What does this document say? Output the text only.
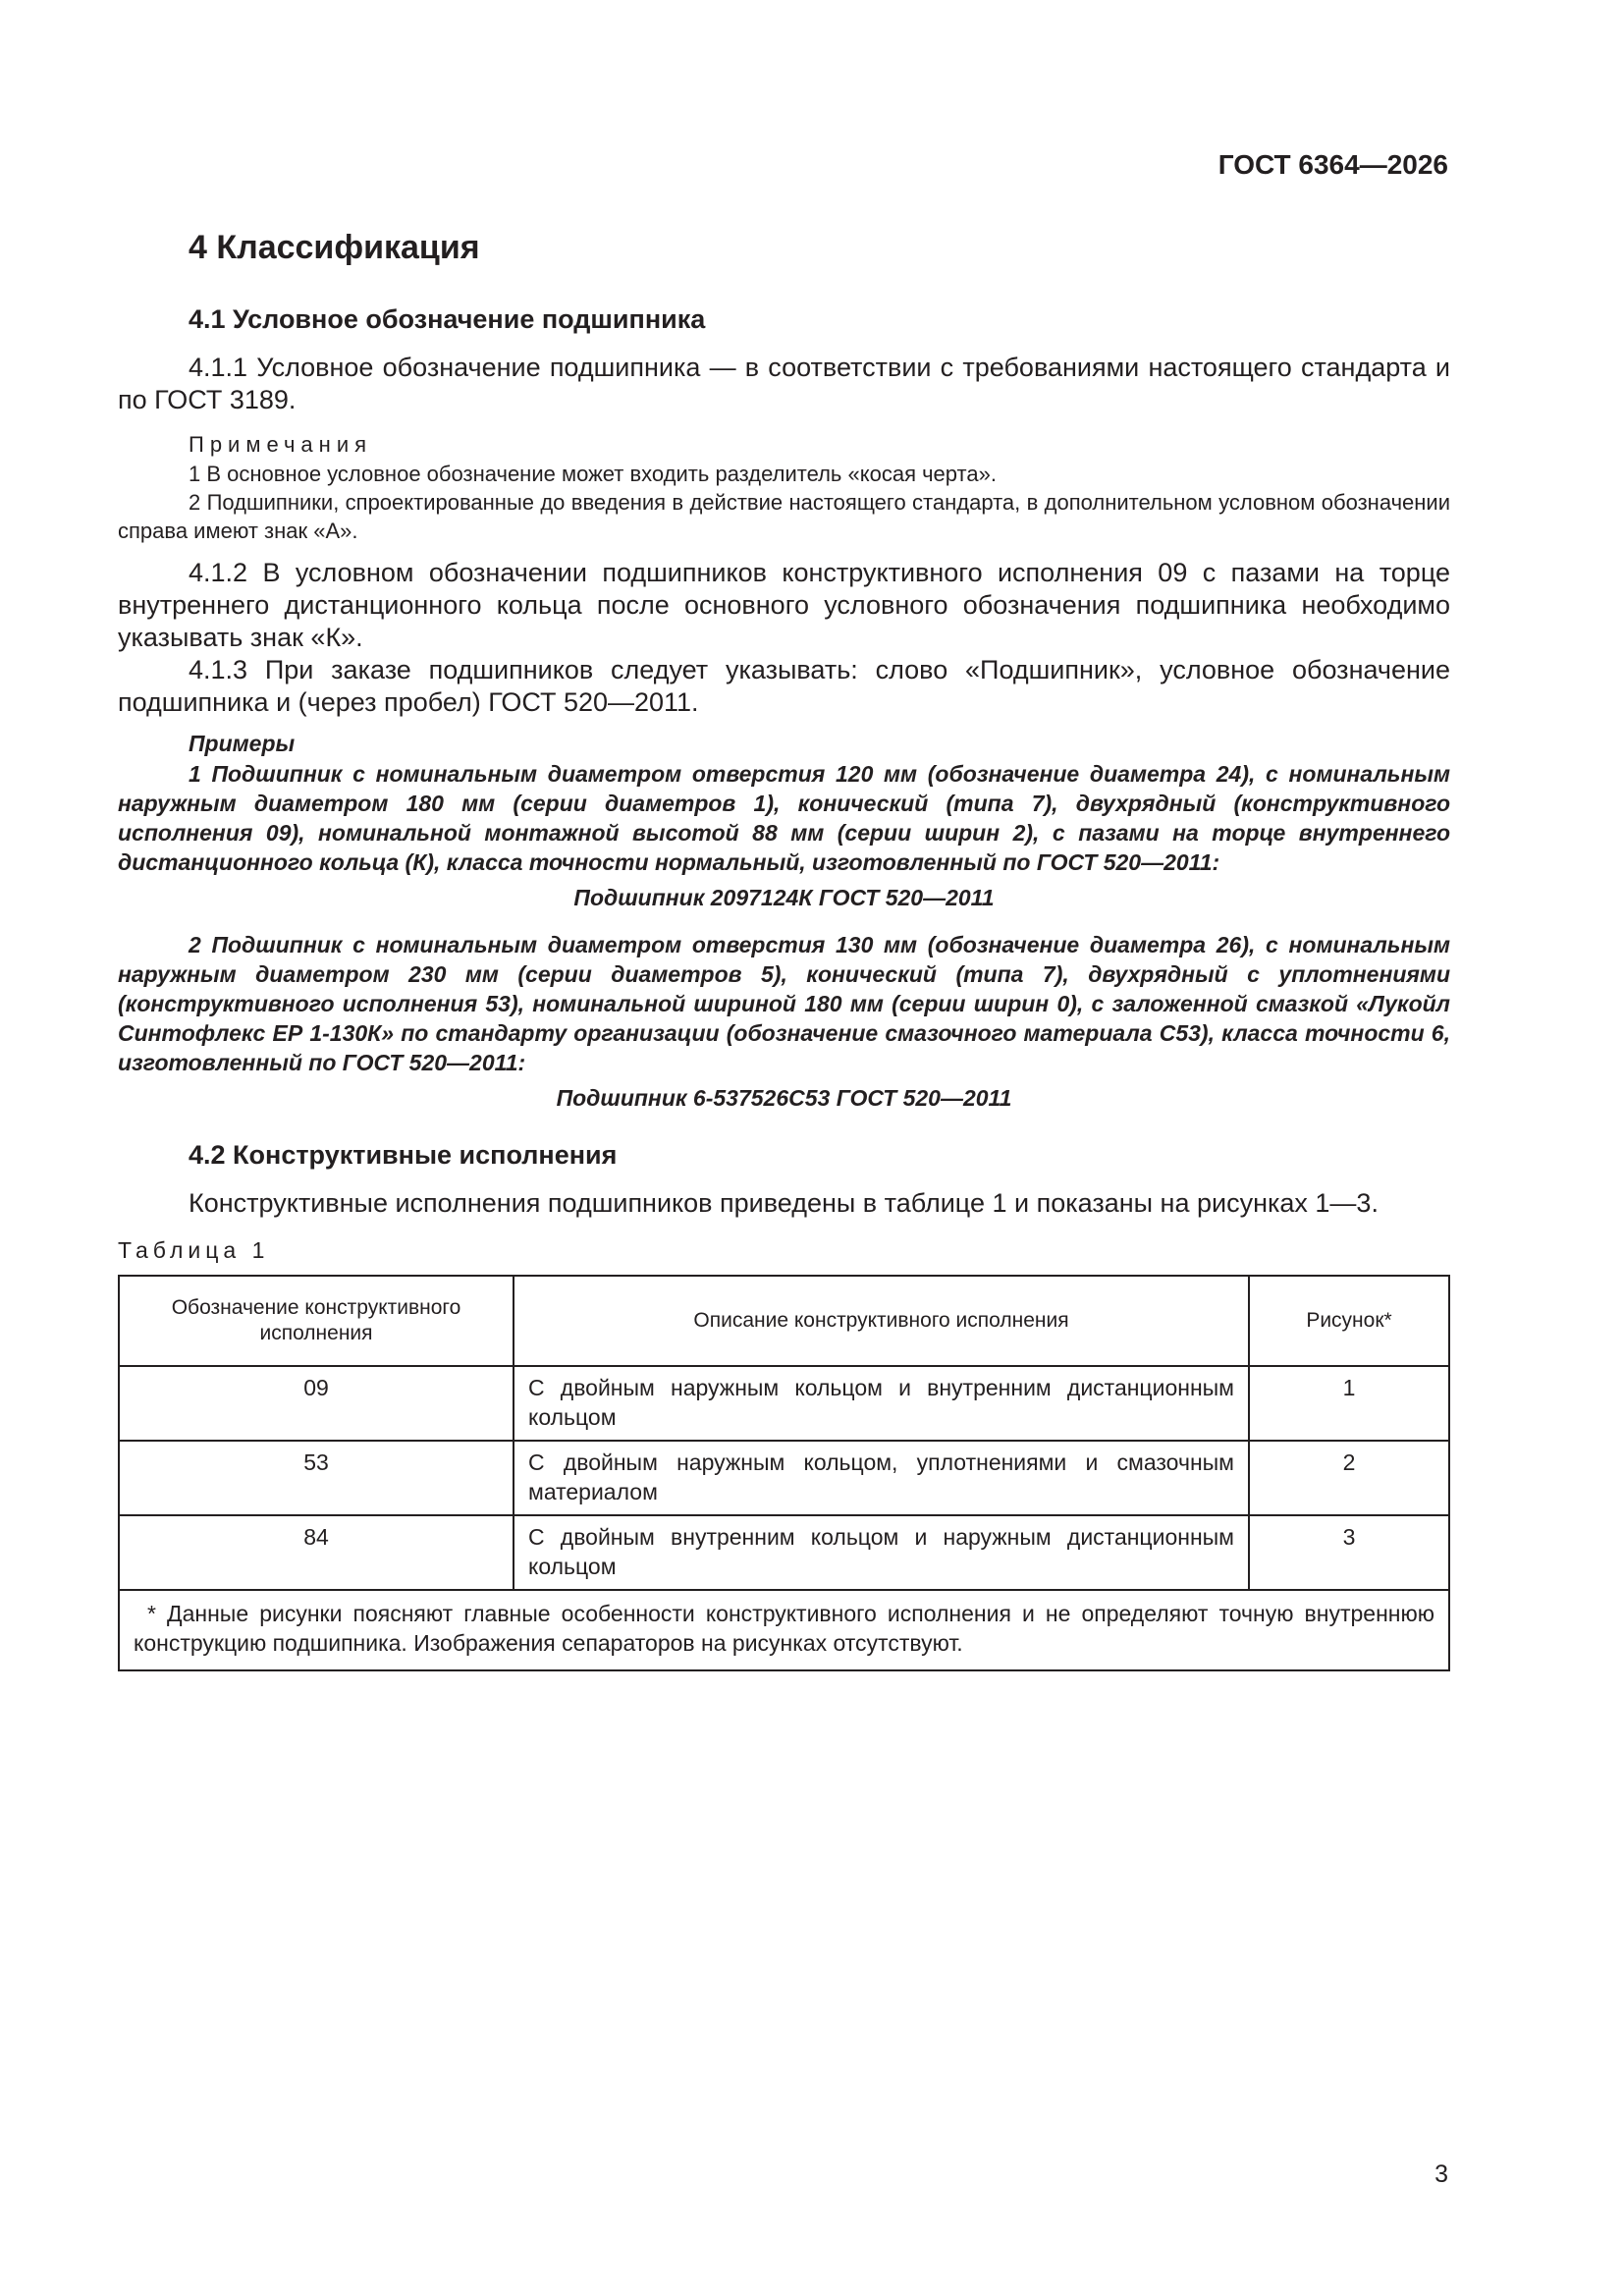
ГОСТ 6364—2026
4 Классификация
4.1 Условное обозначение подшипника

4.1.1 Условное обозначение подшипника — в соответствии с требованиями настоящего стандарта и по ГОСТ 3189.

Примечания

1 В основное условное обозначение может входить разделитель «косая черта».

2 Подшипники, спроектированные до введения в действие настоящего стандарта, в дополнительном условном обозначении справа имеют знак «А».

4.1.2 В условном обозначении подшипников конструктивного исполнения 09 с пазами на торце внутреннего дистанционного кольца после основного условного обозначения подшипника необходимо указывать знак «К».

4.1.3 При заказе подшипников следует указывать: слово «Подшипник», условное обозначение подшипника и (через пробел) ГОСТ 520—2011.

Примеры

1 Подшипник с номинальным диаметром отверстия 120 мм (обозначение диаметра 24), с номинальным наружным диаметром 180 мм (серии диаметров 1), конический (типа 7), двухрядный (конструктивного исполнения 09), номинальной монтажной высотой 88 мм (серии ширин 2), с пазами на торце внутреннего дистанционного кольца (К), класса точности нормальный, изготовленный по ГОСТ 520—2011:

Подшипник 2097124К ГОСТ 520—2011

2 Подшипник с номинальным диаметром отверстия 130 мм (обозначение диаметра 26), с номинальным наружным диаметром 230 мм (серии диаметров 5), конический (типа 7), двухрядный с уплотнениями (конструктивного исполнения 53), номинальной шириной 180 мм (серии ширин 0), с заложенной смазкой «Лукойл Синтофлекс ЕР 1-130К» по стандарту организации (обозначение смазочного материала С53), класса точности 6, изготовленный по ГОСТ 520—2011:

Подшипник 6-537526С53 ГОСТ 520—2011

4.2 Конструктивные исполнения

Конструктивные исполнения подшипников приведены в таблице 1 и показаны на рисунках 1—3.

Таблица 1

Обозначение конструктивного исполнения	Описание конструктивного исполнения	Рисунок*
09	С двойным наружным кольцом и внутренним дистанционным кольцом	1
53	С двойным наружным кольцом, уплотнениями и смазочным материалом	2
84	С двойным внутренним кольцом и наружным дистанционным кольцом	3
* Данные рисунки поясняют главные особенности конструктивного исполнения и не определяют точную внутреннюю конструкцию подшипника. Изображения сепараторов на рисунках отсутствуют.		
3
